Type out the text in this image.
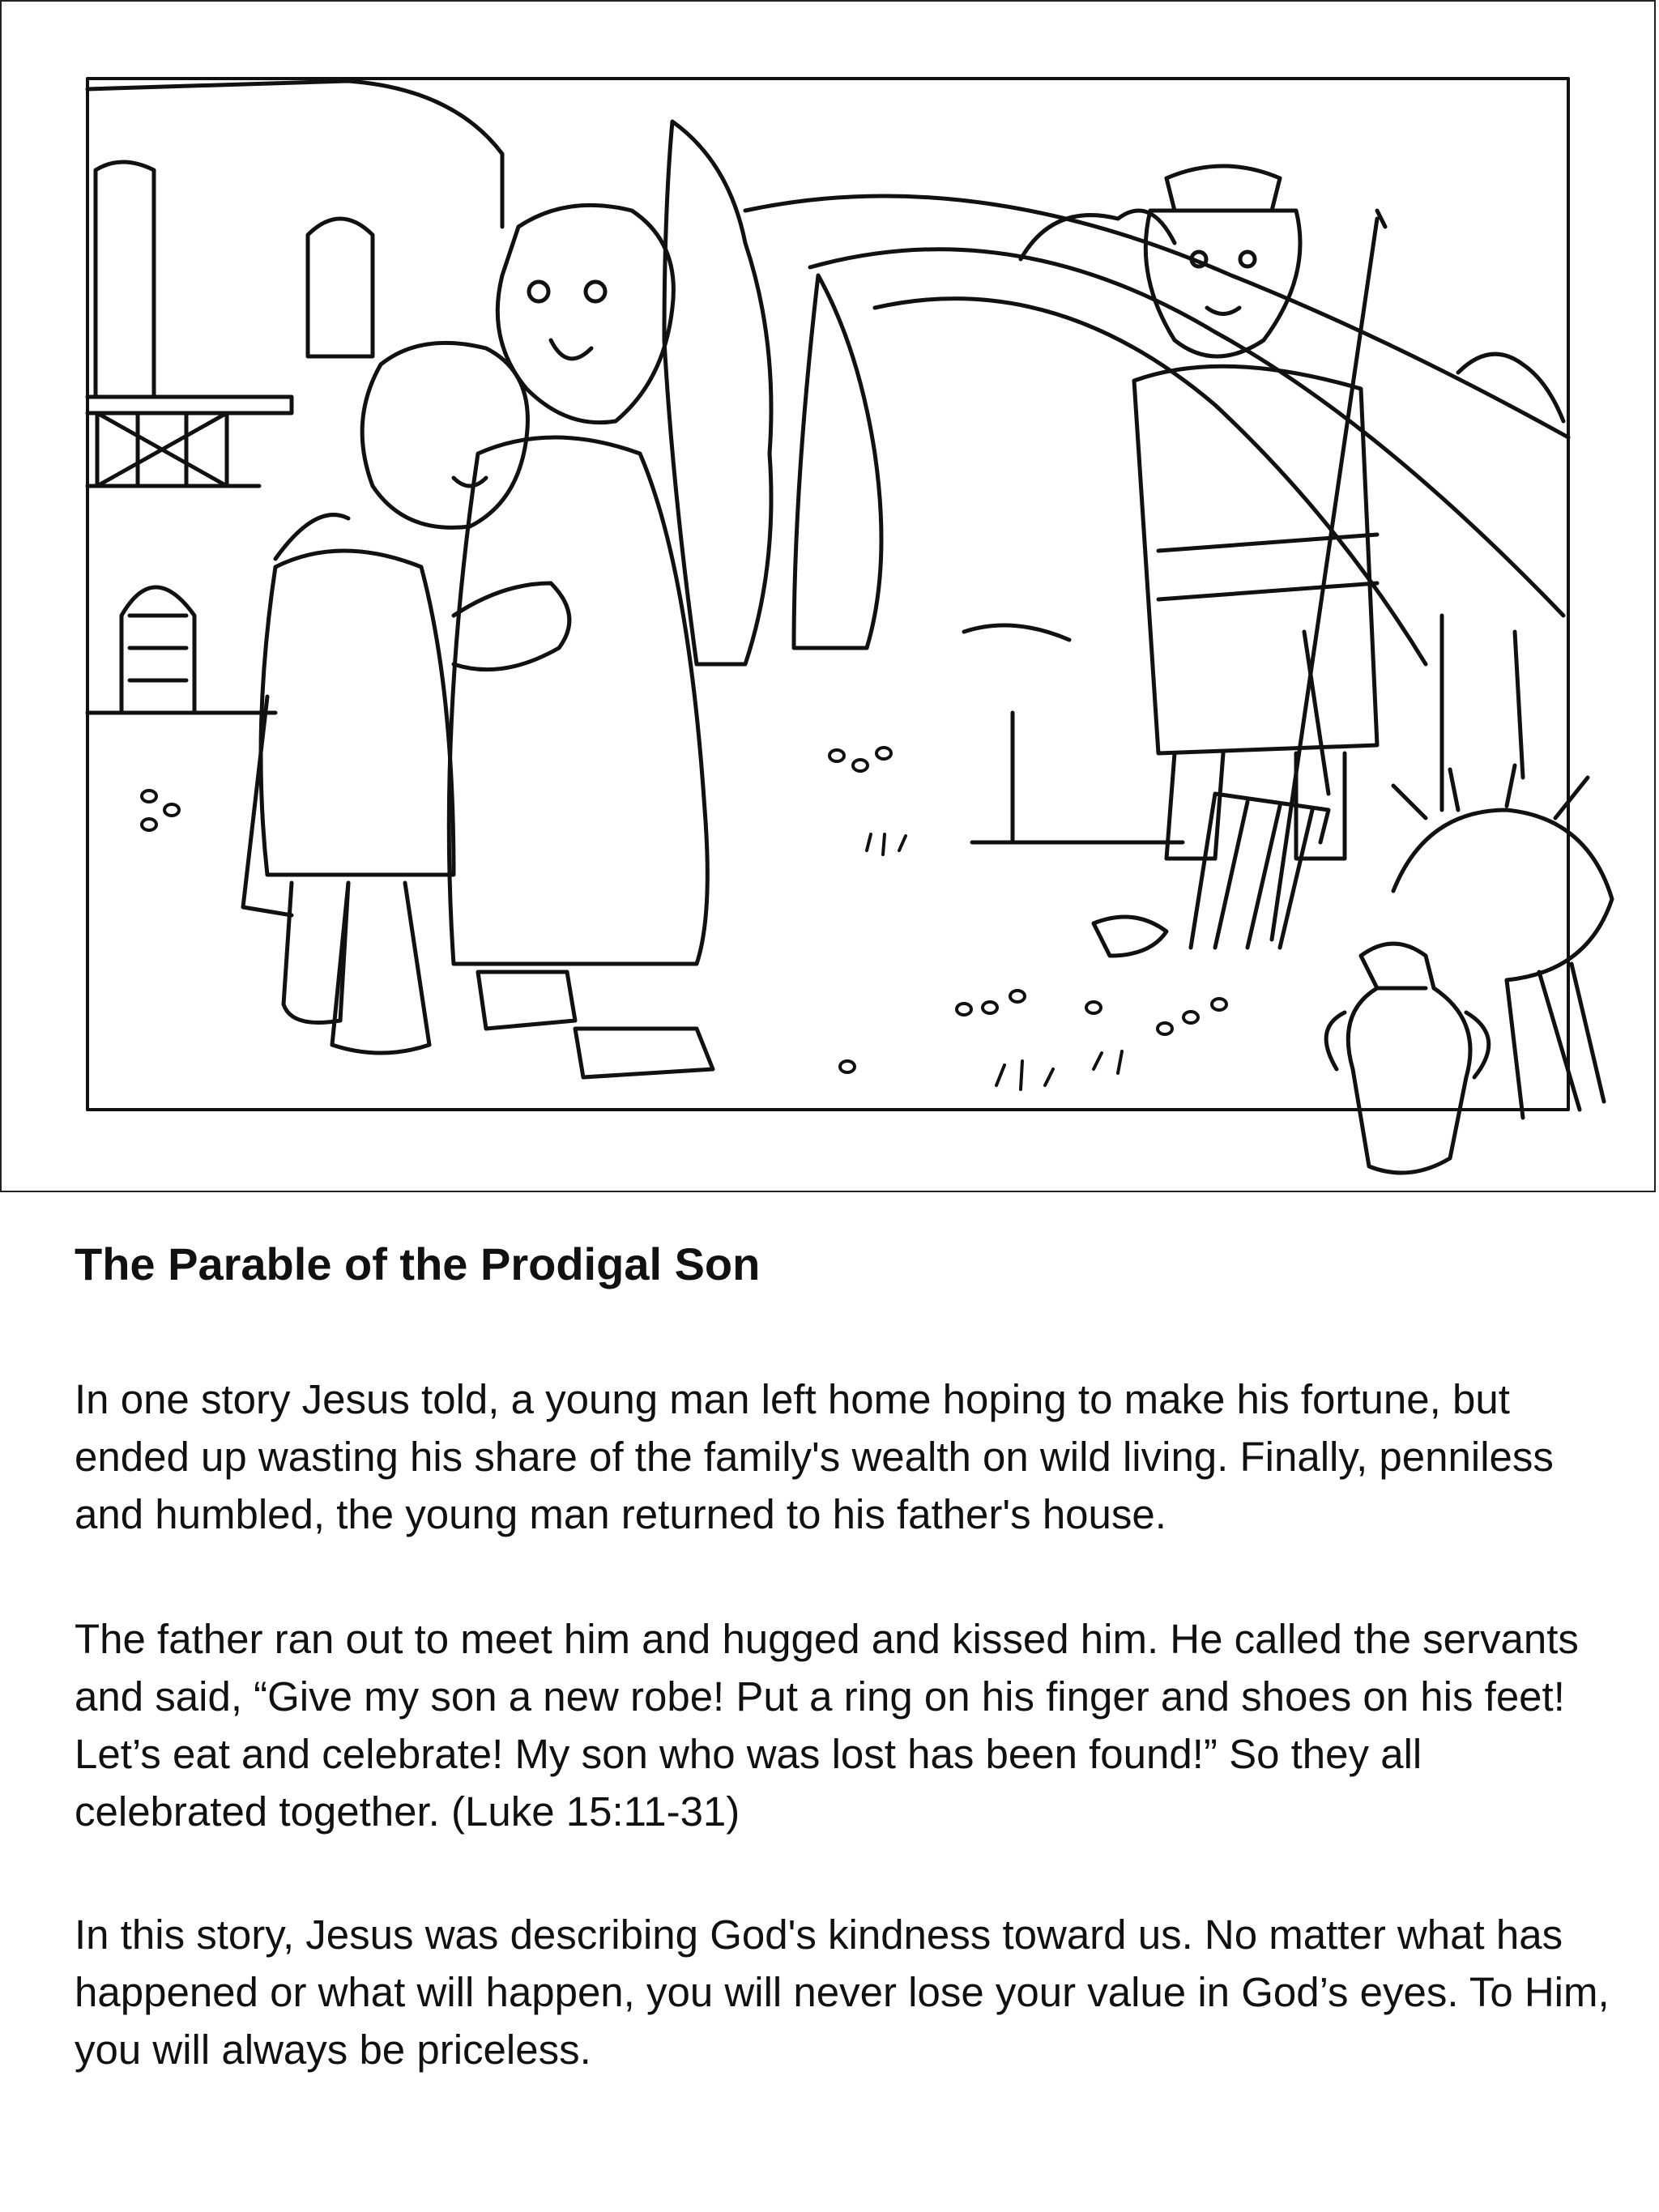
The Parable of the Prodigal Son

In one story Jesus told, a young man left home hoping to make his fortune, but ended up wasting his share of the family's wealth on wild living. Finally, penniless and humbled, the young man returned to his father's house.

The father ran out to meet him and hugged and kissed him. He called the servants and said, “Give my son a new robe! Put a ring on his finger and shoes on his feet! Let’s eat and celebrate! My son who was lost has been found!” So they all celebrated together. (Luke 15:11-31)

In this story, Jesus was describing God's kindness toward us. No matter what has happened or what will happen, you will never lose your value in God’s eyes. To Him, you will always be priceless.
